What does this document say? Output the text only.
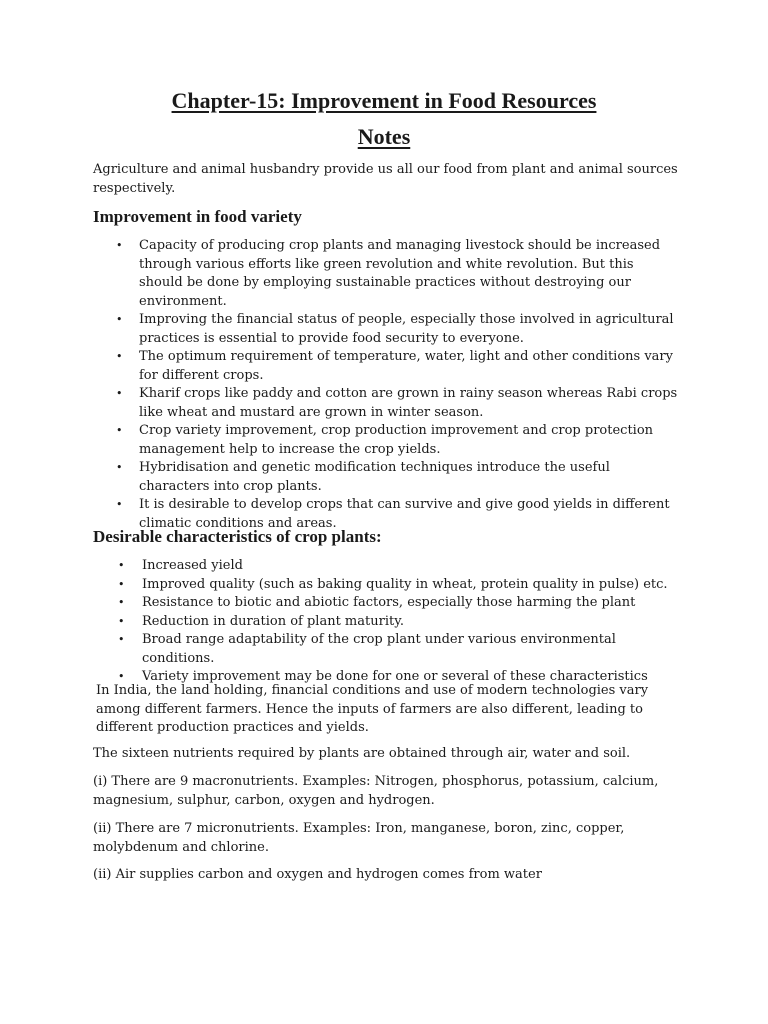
Chapter-15: Improvement in Food Resources
Notes

Agriculture and animal husbandry provide us all our food from plant and animal sources respectively.

Improvement in food variety
• Capacity of producing crop plants and managing livestock should be increased through various efforts like green revolution and white revolution. But this should be done by employing sustainable practices without destroying our environment.
• Improving the financial status of people, especially those involved in agricultural practices is essential to provide food security to everyone.
• The optimum requirement of temperature, water, light and other conditions vary for different crops.
• Kharif crops like paddy and cotton are grown in rainy season whereas Rabi crops like wheat and mustard are grown in winter season.
• Crop variety improvement, crop production improvement and crop protection management help to increase the crop yields.
• Hybridisation and genetic modification techniques introduce the useful characters into crop plants.
• It is desirable to develop crops that can survive and give good yields in different climatic conditions and areas.
Desirable characteristics of crop plants:
• Increased yield
• Improved quality (such as baking quality in wheat, protein quality in pulse) etc.
• Resistance to biotic and abiotic factors, especially those harming the plant
• Reduction in duration of plant maturity.
• Broad range adaptability of the crop plant under various environmental conditions.
• Variety improvement may be done for one or several of these characteristics

In India, the land holding, financial conditions and use of modern technologies vary among different farmers. Hence the inputs of farmers are also different, leading to different production practices and yields.

The sixteen nutrients required by plants are obtained through air, water and soil.

(i) There are 9 macronutrients. Examples: Nitrogen, phosphorus, potassium, calcium, magnesium, sulphur, carbon, oxygen and hydrogen.

(ii) There are 7 micronutrients. Examples: Iron, manganese, boron, zinc, copper, molybdenum and chlorine.

(ii) Air supplies carbon and oxygen and hydrogen comes from water
